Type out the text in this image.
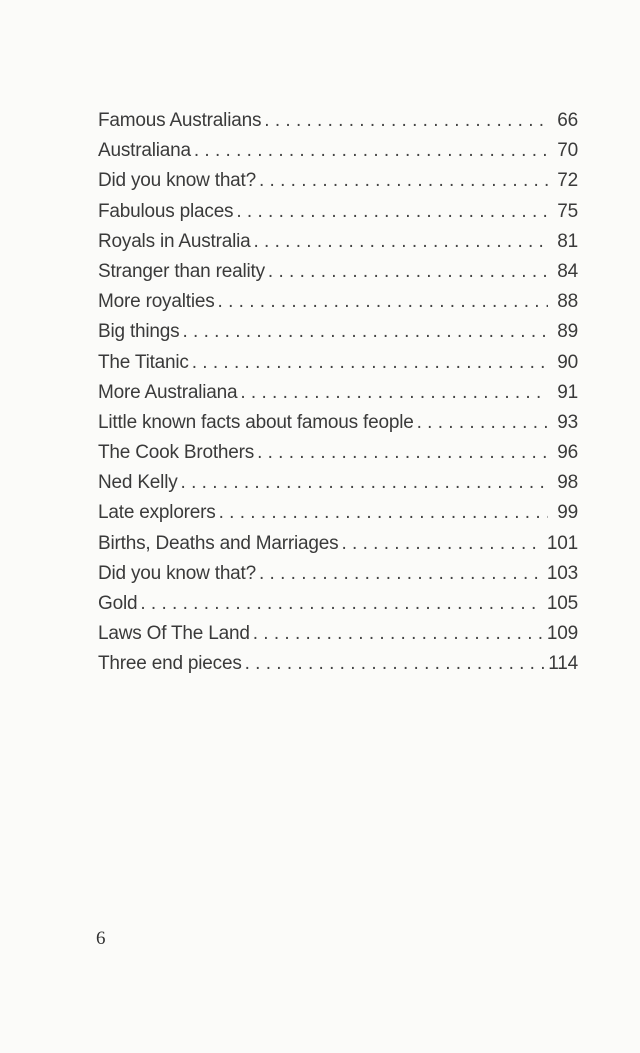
Famous Australians . . .	66
Australiana . . .	70
Did you know that? . . .	72
Fabulous places . . .	75
Royals in Australia . . .	81
Stranger than reality . . .	84
More royalties . . .	88
Big things . . .	89
The Titanic . . .	90
More Australiana . . .	91
Little known facts about famous feople . . .	93
The Cook Brothers . . .	96
Ned Kelly . . .	98
Late explorers . . .	99
Births, Deaths and Marriages . . .	101
Did you know that? . . .	103
Gold . . .	105
Laws Of The Land . . .	109
Three end pieces . . .	114
6
